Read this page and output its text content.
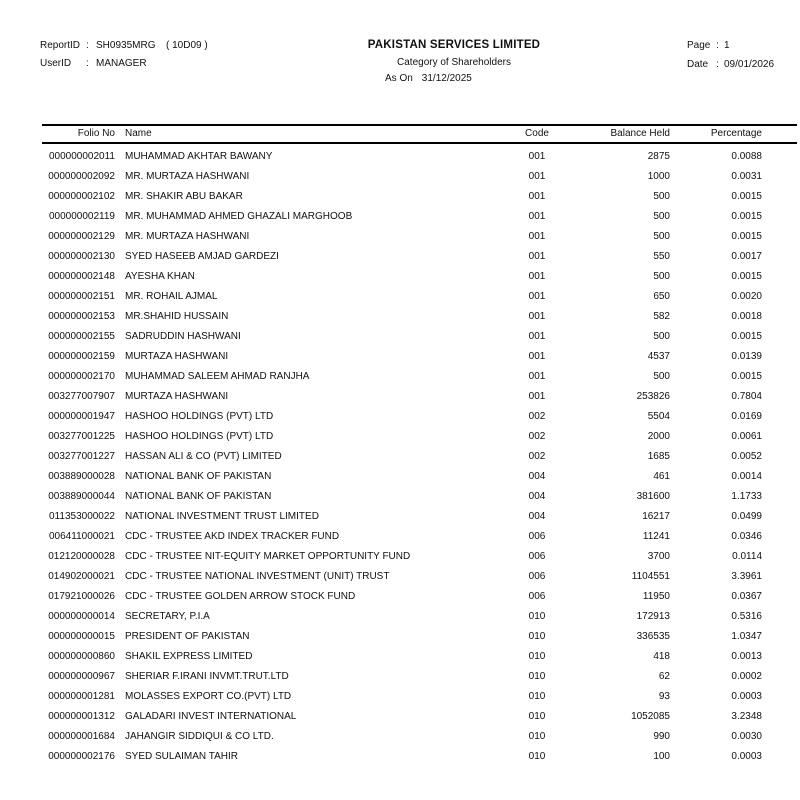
ReportID : SH0935MRG ( 10D09 )
UserID : MANAGER
PAKISTAN SERVICES LIMITED
Category of Shareholders
As On 31/12/2025
Page : 1
Date : 09/01/2026
Folio No	Name	Code	Balance Held	Percentage
000000002011	MUHAMMAD AKHTAR BAWANY	001	2875	0.0088
000000002092	MR. MURTAZA HASHWANI	001	1000	0.0031
000000002102	MR. SHAKIR ABU BAKAR	001	500	0.0015
000000002119	MR. MUHAMMAD AHMED GHAZALI MARGHOOB	001	500	0.0015
000000002129	MR. MURTAZA HASHWANI	001	500	0.0015
000000002130	SYED HASEEB AMJAD GARDEZI	001	550	0.0017
000000002148	AYESHA KHAN	001	500	0.0015
000000002151	MR. ROHAIL AJMAL	001	650	0.0020
000000002153	MR.SHAHID HUSSAIN	001	582	0.0018
000000002155	SADRUDDIN HASHWANI	001	500	0.0015
000000002159	MURTAZA HASHWANI	001	4537	0.0139
000000002170	MUHAMMAD SALEEM AHMAD RANJHA	001	500	0.0015
003277007907	MURTAZA HASHWANI	001	253826	0.7804
000000001947	HASHOO HOLDINGS (PVT) LTD	002	5504	0.0169
003277001225	HASHOO HOLDINGS (PVT) LTD	002	2000	0.0061
003277001227	HASSAN ALI & CO (PVT) LIMITED	002	1685	0.0052
003889000028	NATIONAL BANK OF PAKISTAN	004	461	0.0014
003889000044	NATIONAL BANK OF PAKISTAN	004	381600	1.1733
011353000022	NATIONAL INVESTMENT TRUST LIMITED	004	16217	0.0499
006411000021	CDC - TRUSTEE AKD INDEX TRACKER FUND	006	11241	0.0346
012120000028	CDC - TRUSTEE NIT-EQUITY MARKET OPPORTUNITY FUND	006	3700	0.0114
014902000021	CDC - TRUSTEE NATIONAL INVESTMENT (UNIT) TRUST	006	1104551	3.3961
017921000026	CDC - TRUSTEE GOLDEN ARROW STOCK FUND	006	11950	0.0367
000000000014	SECRETARY, P.I.A	010	172913	0.5316
000000000015	PRESIDENT OF PAKISTAN	010	336535	1.0347
000000000860	SHAKIL EXPRESS LIMITED	010	418	0.0013
000000000967	SHERIAR F.IRANI INVMT.TRUT.LTD	010	62	0.0002
000000001281	MOLASSES EXPORT CO.(PVT) LTD	010	93	0.0003
000000001312	GALADARI INVEST INTERNATIONAL	010	1052085	3.2348
000000001684	JAHANGIR SIDDIQUI & CO LTD.	010	990	0.0030
000000002176	SYED SULAIMAN TAHIR	010	100	0.0003
